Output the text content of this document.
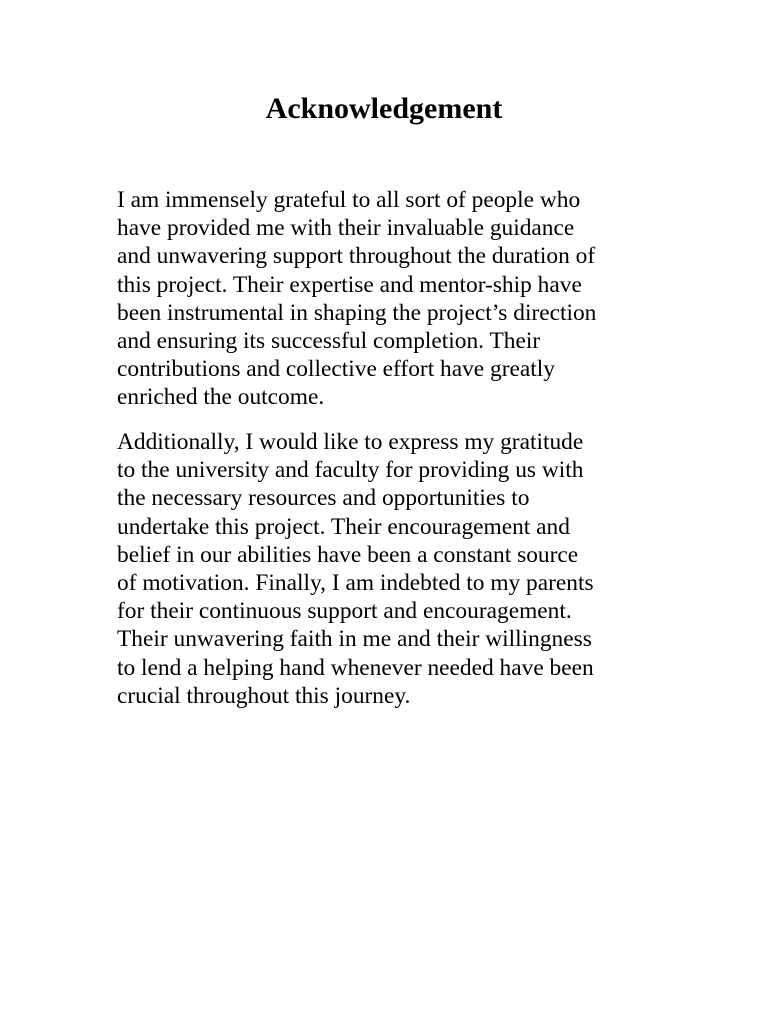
Acknowledgement
I am immensely grateful to all sort of people who
have provided me with their invaluable guidance
and unwavering support throughout the duration of
this project. Their expertise and mentor-ship have
been instrumental in shaping the project’s direction
and ensuring its successful completion. Their
contributions and collective effort have greatly
enriched the outcome.
Additionally, I would like to express my gratitude
to the university and faculty for providing us with
the necessary resources and opportunities to
undertake this project. Their encouragement and
belief in our abilities have been a constant source
of motivation. Finally, I am indebted to my parents
for their continuous support and encouragement.
Their unwavering faith in me and their willingness
to lend a helping hand whenever needed have been
crucial throughout this journey.
